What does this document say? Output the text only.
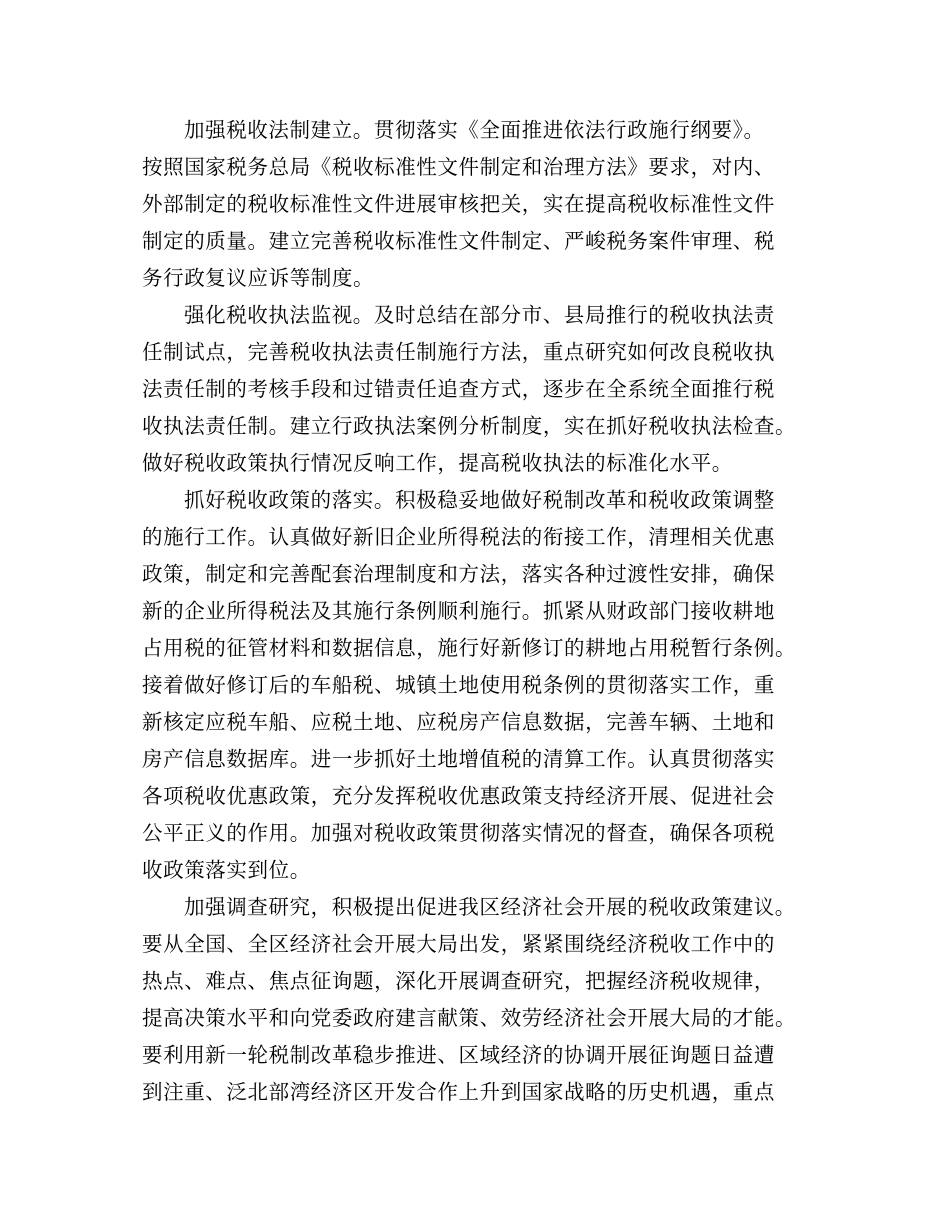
加强税收法制建立。贯彻落实《全面推进依法行政施行纲要》。
按照国家税务总局《税收标准性文件制定和治理方法》要求，对内、
外部制定的税收标准性文件进展审核把关，实在提高税收标准性文件
制定的质量。建立完善税收标准性文件制定、严峻税务案件审理、税
务行政复议应诉等制度。

强化税收执法监视。及时总结在部分市、县局推行的税收执法责
任制试点，完善税收执法责任制施行方法，重点研究如何改良税收执
法责任制的考核手段和过错责任追查方式，逐步在全系统全面推行税
收执法责任制。建立行政执法案例分析制度，实在抓好税收执法检查。
做好税收政策执行情况反响工作，提高税收执法的标准化水平。

抓好税收政策的落实。积极稳妥地做好税制改革和税收政策调整
的施行工作。认真做好新旧企业所得税法的衔接工作，清理相关优惠
政策，制定和完善配套治理制度和方法，落实各种过渡性安排，确保
新的企业所得税法及其施行条例顺利施行。抓紧从财政部门接收耕地
占用税的征管材料和数据信息，施行好新修订的耕地占用税暂行条例。
接着做好修订后的车船税、城镇土地使用税条例的贯彻落实工作，重
新核定应税车船、应税土地、应税房产信息数据，完善车辆、土地和
房产信息数据库。进一步抓好土地增值税的清算工作。认真贯彻落实
各项税收优惠政策，充分发挥税收优惠政策支持经济开展、促进社会
公平正义的作用。加强对税收政策贯彻落实情况的督查，确保各项税
收政策落实到位。

加强调查研究，积极提出促进我区经济社会开展的税收政策建议。
要从全国、全区经济社会开展大局出发，紧紧围绕经济税收工作中的
热点、难点、焦点征询题，深化开展调查研究，把握经济税收规律，
提高决策水平和向党委政府建言献策、效劳经济社会开展大局的才能。
要利用新一轮税制改革稳步推进、区域经济的协调开展征询题日益遭
到注重、泛北部湾经济区开发合作上升到国家战略的历史机遇，重点
